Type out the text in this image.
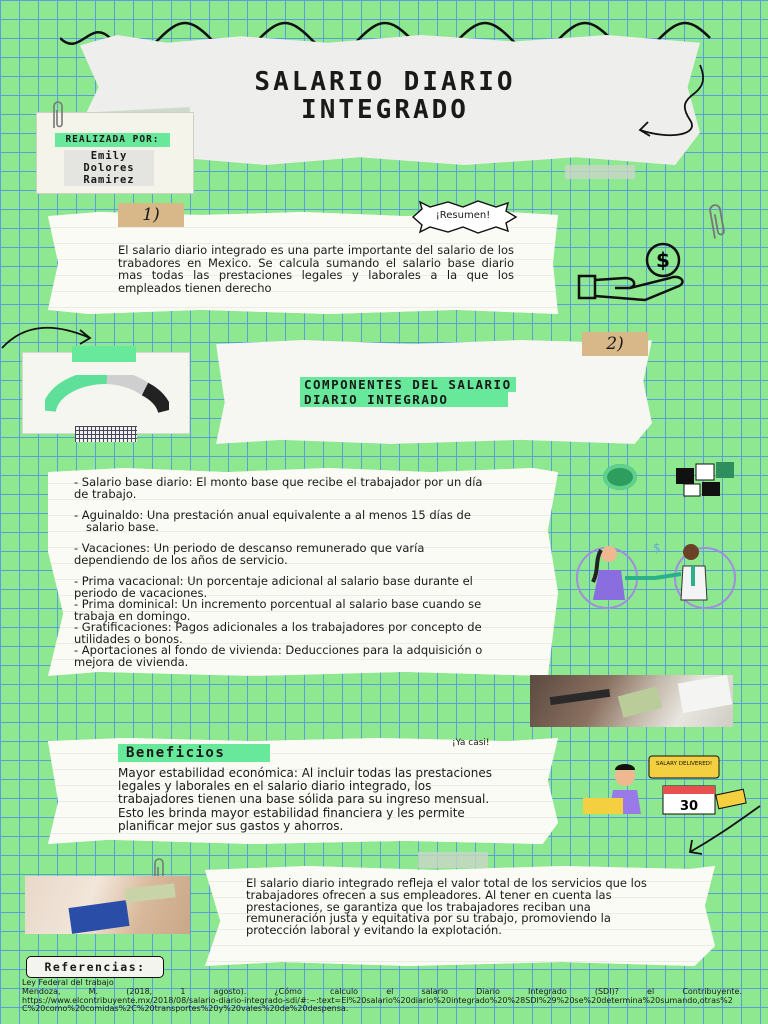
SALARIO DIARIO
INTEGRADO
REALIZADA POR:
Emily
Dolores
Ramirez
1)	¡Resumen!
El salario diario integrado es una parte importante del salario de los trabadores en Mexico. Se calcula sumando el salario base diario mas todas las prestaciones legales y laborales a la que los empleados tienen derecho
$
2)
COMPONENTES DEL SALARIO
DIARIO INTEGRADO
- Salario base diario: El monto base que recibe el trabajador por un día de trabajo.
- Aguinaldo: Una prestación anual equivalente a al menos 15 días de salario base.
- Vacaciones: Un periodo de descanso remunerado que varía dependiendo de los años de servicio.
- Prima vacacional: Un porcentaje adicional al salario base durante el periodo de vacaciones.
- Prima dominical: Un incremento porcentual al salario base cuando se trabaja en domingo.
- Gratificaciones: Pagos adicionales a los trabajadores por concepto de utilidades o bonos.
- Aportaciones al fondo de vivienda: Deducciones para la adquisición o mejora de vivienda.
$
Beneficios
¡Ya casi!
Mayor estabilidad económica: Al incluir todas las prestaciones legales y laborales en el salario diario integrado, los trabajadores tienen una base sólida para su ingreso mensual. Esto les brinda mayor estabilidad financiera y les permite planificar mejor sus gastos y ahorros.
SALARY DELIVERED!
30
El salario diario integrado refleja el valor total de los servicios que los trabajadores ofrecen a sus empleadores. Al tener en cuenta las prestaciones, se garantiza que los trabajadores reciban una remuneración justa y equitativa por su trabajo, promoviendo la protección laboral y evitando la explotación.
Referencias:
Ley Federal del trabajo
Mendoza, M. (2018, 1 agosto). ¿Cómo calculo el salario Diario Integrado (SDI)? el Contribuyente.
https://www.elcontribuyente.mx/2018/08/salario-diario-integrado-sdi/#:~:text=El%20salario%20diario%20integrado%20%28SDI%29%20se%20determina%20sumando,otras%2C%20como%20comidas%2C%20transportes%20y%20vales%20de%20despensa.
